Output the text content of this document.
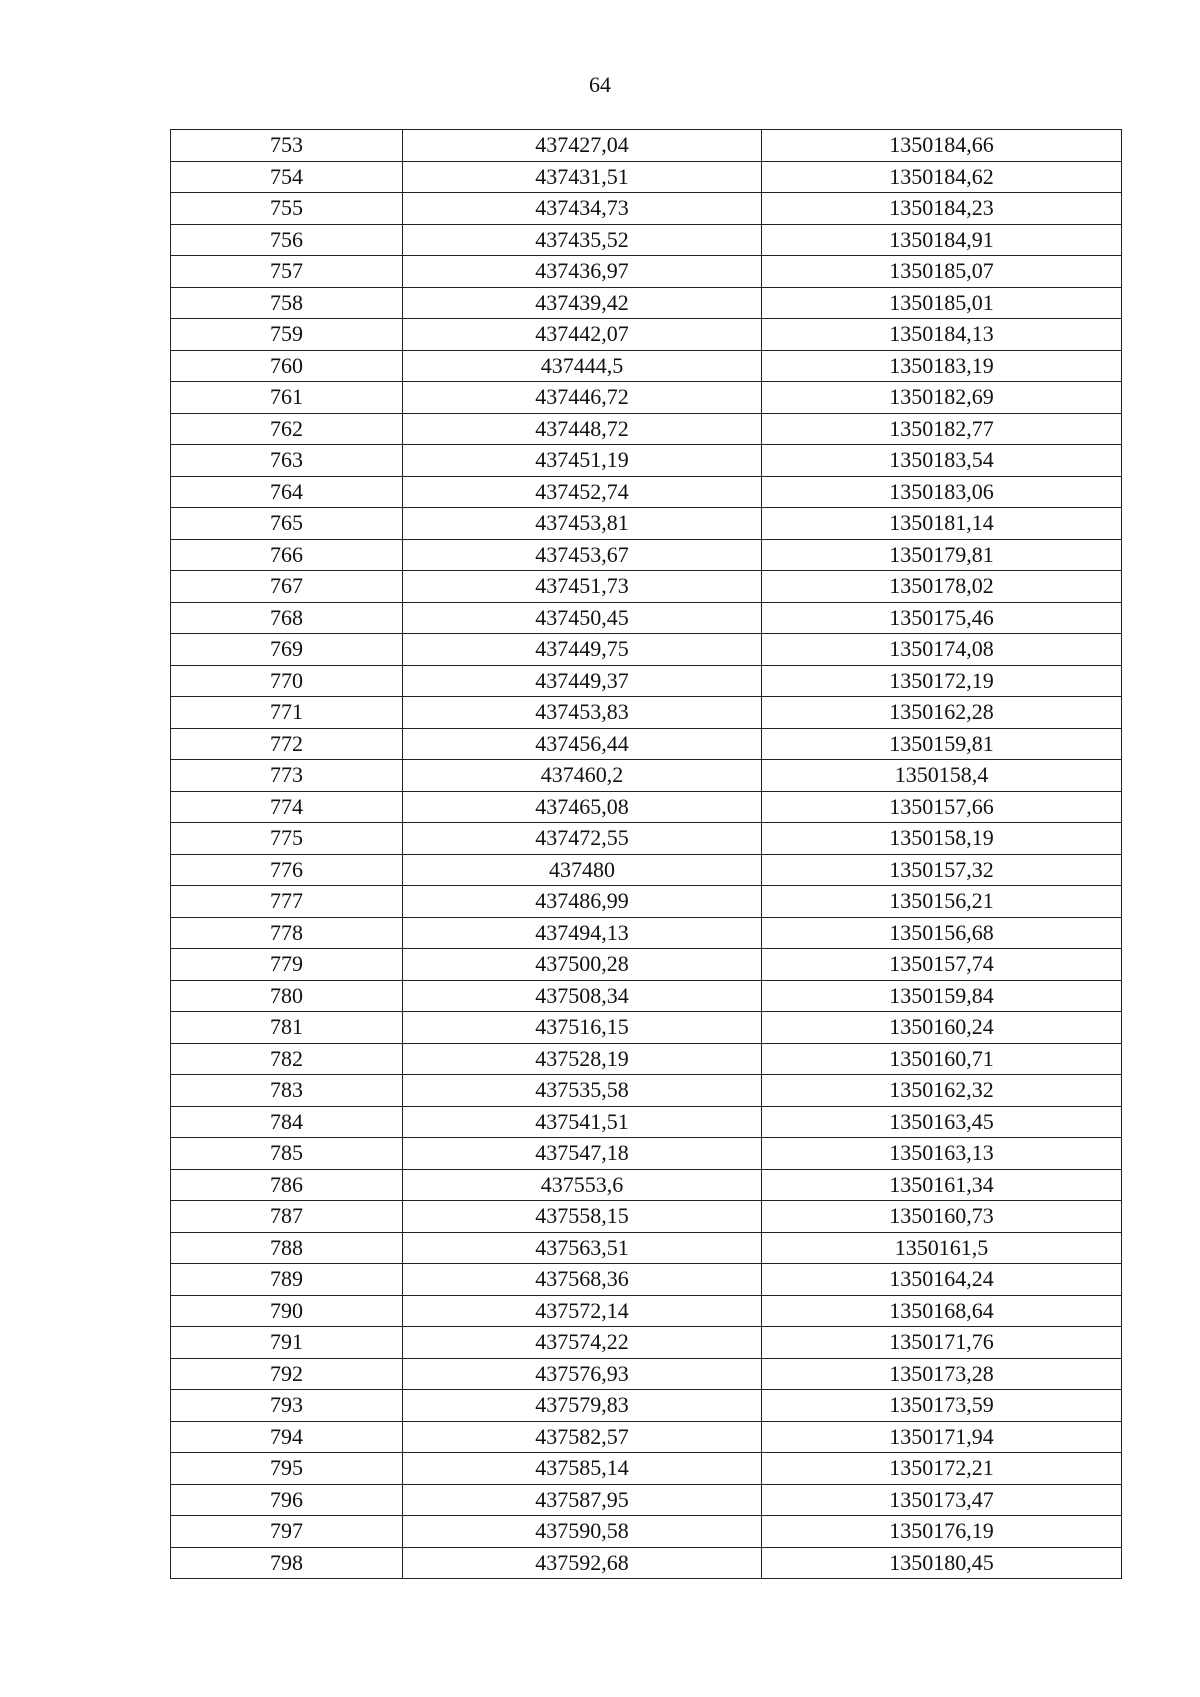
64
753	437427,04	1350184,66
754	437431,51	1350184,62
755	437434,73	1350184,23
756	437435,52	1350184,91
757	437436,97	1350185,07
758	437439,42	1350185,01
759	437442,07	1350184,13
760	437444,5	1350183,19
761	437446,72	1350182,69
762	437448,72	1350182,77
763	437451,19	1350183,54
764	437452,74	1350183,06
765	437453,81	1350181,14
766	437453,67	1350179,81
767	437451,73	1350178,02
768	437450,45	1350175,46
769	437449,75	1350174,08
770	437449,37	1350172,19
771	437453,83	1350162,28
772	437456,44	1350159,81
773	437460,2	1350158,4
774	437465,08	1350157,66
775	437472,55	1350158,19
776	437480	1350157,32
777	437486,99	1350156,21
778	437494,13	1350156,68
779	437500,28	1350157,74
780	437508,34	1350159,84
781	437516,15	1350160,24
782	437528,19	1350160,71
783	437535,58	1350162,32
784	437541,51	1350163,45
785	437547,18	1350163,13
786	437553,6	1350161,34
787	437558,15	1350160,73
788	437563,51	1350161,5
789	437568,36	1350164,24
790	437572,14	1350168,64
791	437574,22	1350171,76
792	437576,93	1350173,28
793	437579,83	1350173,59
794	437582,57	1350171,94
795	437585,14	1350172,21
796	437587,95	1350173,47
797	437590,58	1350176,19
798	437592,68	1350180,45
